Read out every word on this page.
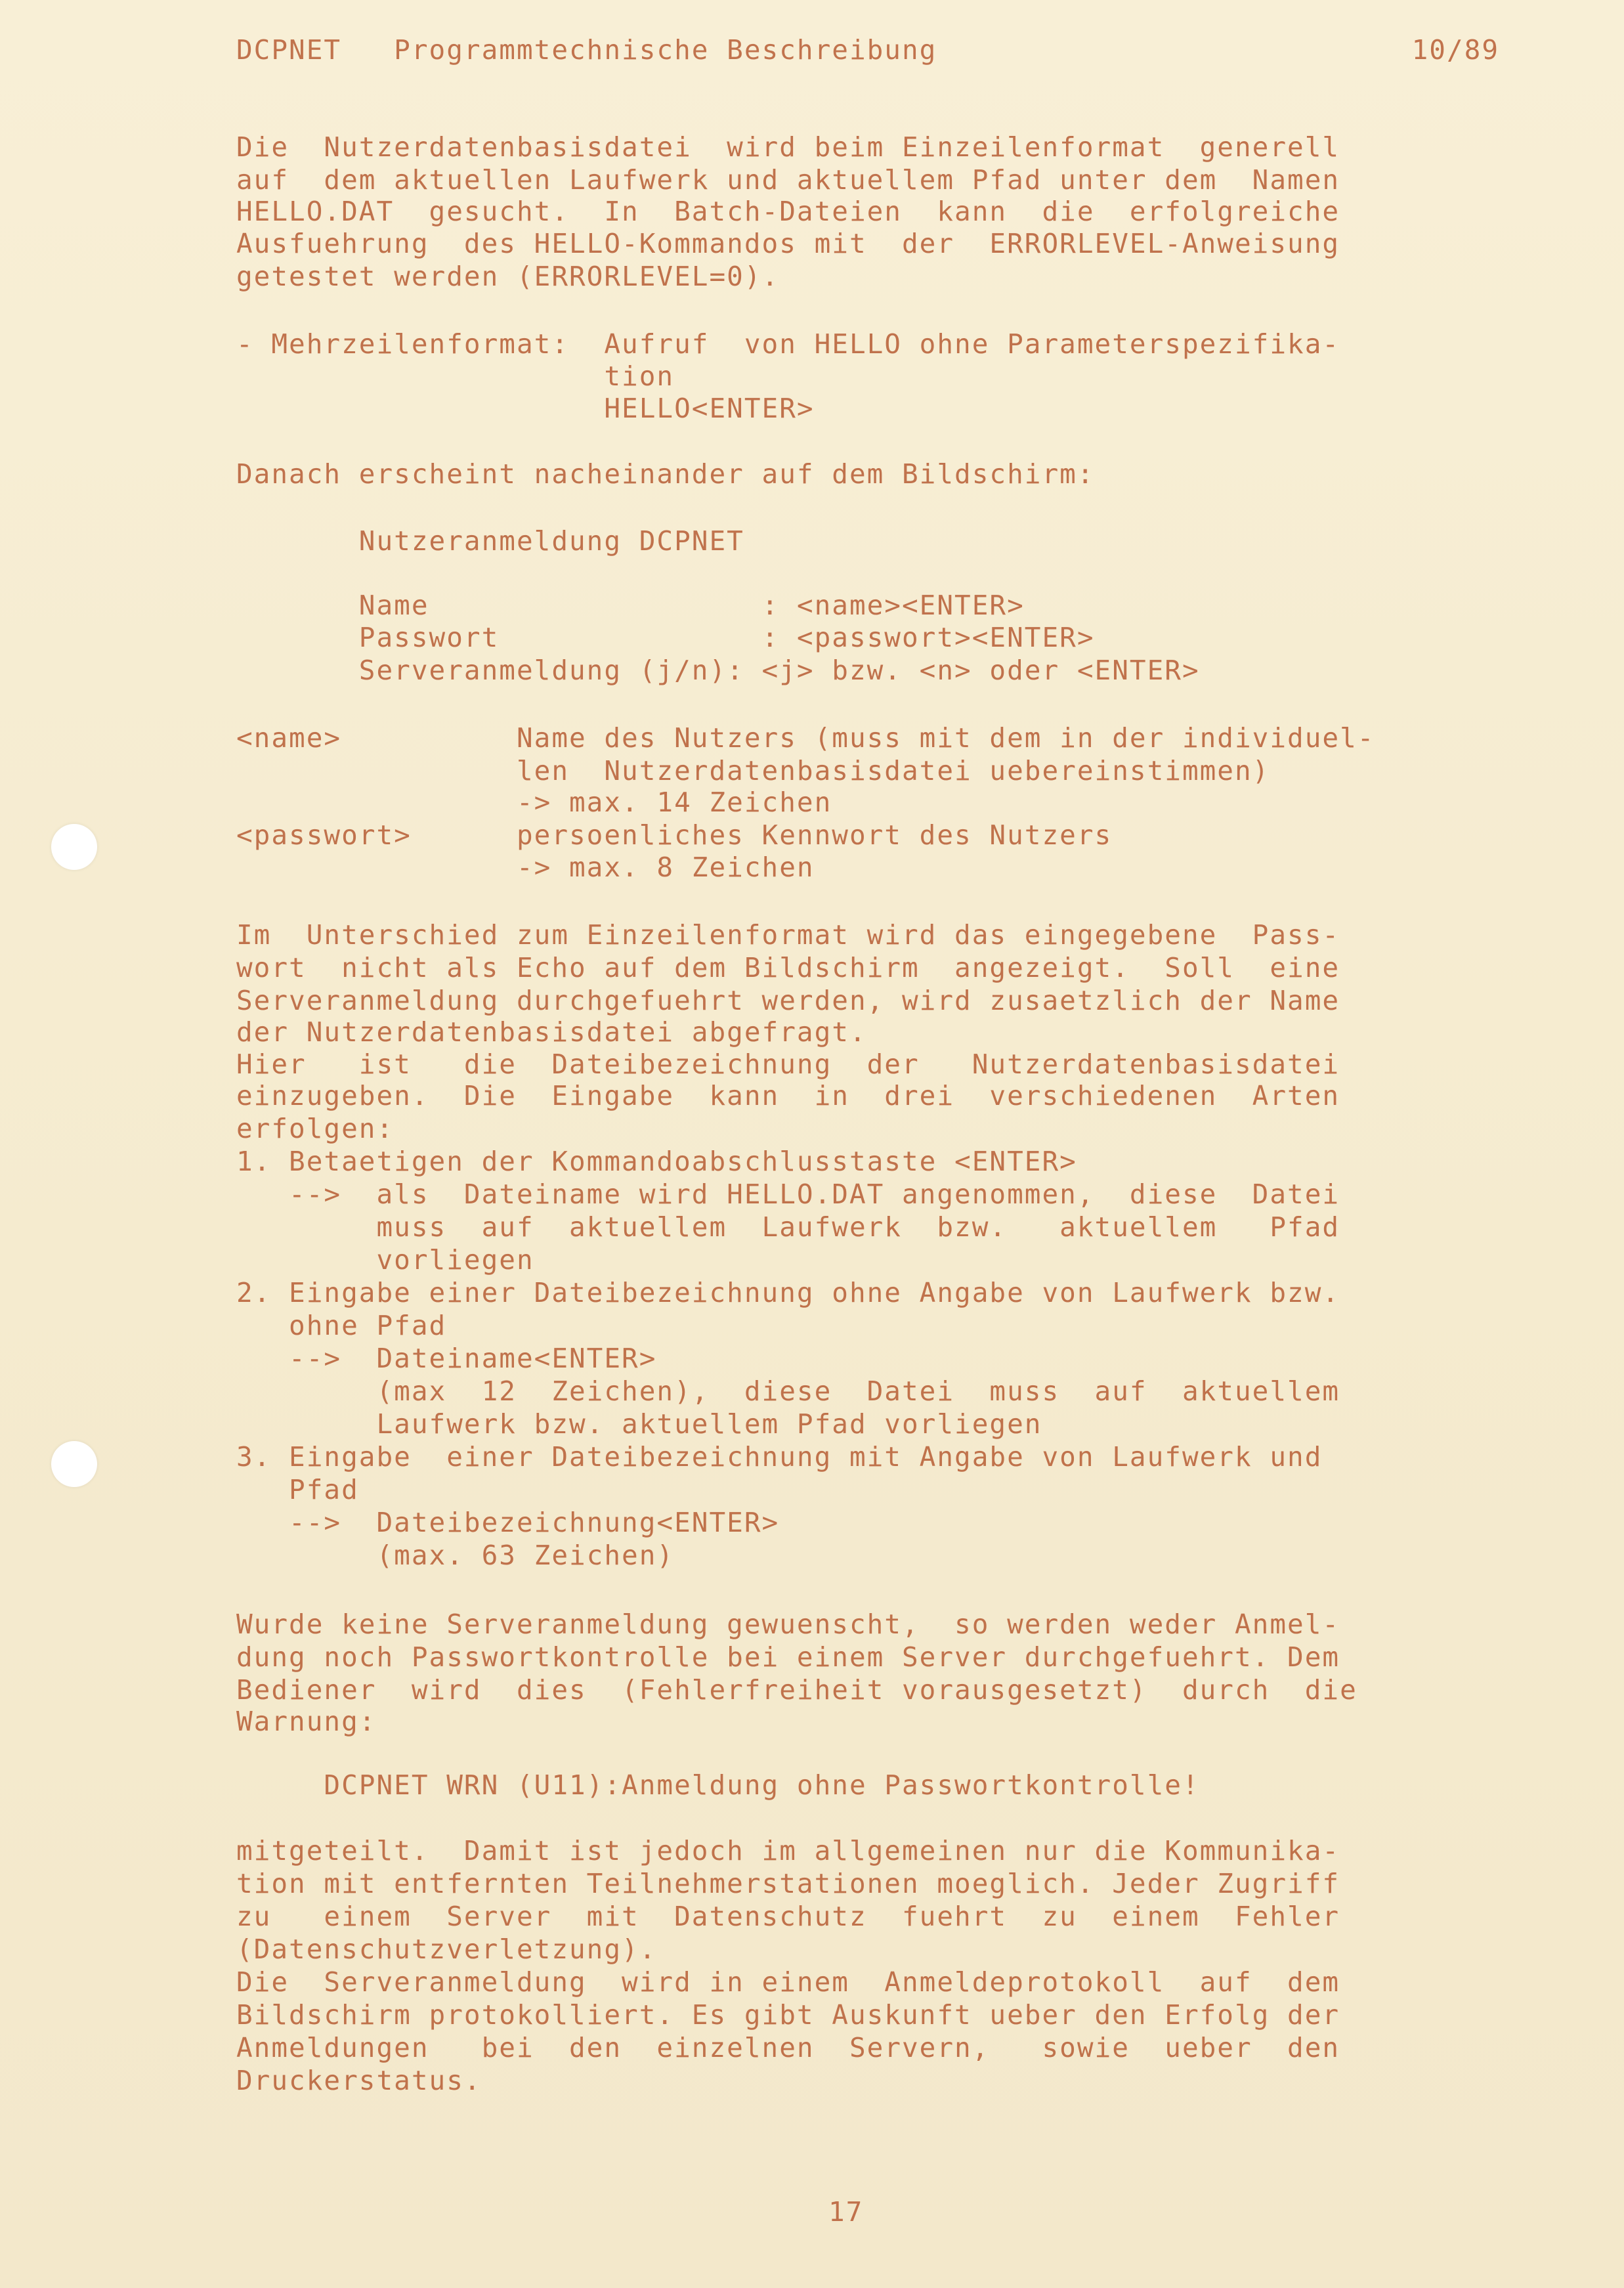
DCPNET   Programmtechnische Beschreibung	10/89
Die  Nutzerdatenbasisdatei  wird beim Einzeilenformat  generell
auf  dem aktuellen Laufwerk und aktuellem Pfad unter dem  Namen
HELLO.DAT  gesucht.  In  Batch-Dateien  kann  die  erfolgreiche
Ausfuehrung  des HELLO-Kommandos mit  der  ERRORLEVEL-Anweisung
getestet werden (ERRORLEVEL=0).
- Mehrzeilenformat:  Aufruf  von HELLO ohne Parameterspezifika-
tion
HELLO<ENTER>
Danach erscheint nacheinander auf dem Bildschirm:
Nutzeranmeldung DCPNET
Name                   : <name><ENTER>
Passwort               : <passwort><ENTER>
Serveranmeldung (j/n): <j> bzw. <n> oder <ENTER>
<name>          Name des Nutzers (muss mit dem in der individuel-
len  Nutzerdatenbasisdatei uebereinstimmen)
-> max. 14 Zeichen
<passwort>      persoenliches Kennwort des Nutzers
-> max. 8 Zeichen
Im  Unterschied zum Einzeilenformat wird das eingegebene  Pass-
wort  nicht als Echo auf dem Bildschirm  angezeigt.  Soll  eine
Serveranmeldung durchgefuehrt werden, wird zusaetzlich der Name
der Nutzerdatenbasisdatei abgefragt.
Hier   ist   die  Dateibezeichnung  der   Nutzerdatenbasisdatei
einzugeben.  Die  Eingabe  kann  in  drei  verschiedenen  Arten
erfolgen:
1. Betaetigen der Kommandoabschlusstaste <ENTER>
-->  als  Dateiname wird HELLO.DAT angenommen,  diese  Datei
muss  auf  aktuellem  Laufwerk  bzw.   aktuellem   Pfad
vorliegen
2. Eingabe einer Dateibezeichnung ohne Angabe von Laufwerk bzw.
ohne Pfad
-->  Dateiname<ENTER>
(max  12  Zeichen),  diese  Datei  muss  auf  aktuellem
Laufwerk bzw. aktuellem Pfad vorliegen
3. Eingabe  einer Dateibezeichnung mit Angabe von Laufwerk und
Pfad
-->  Dateibezeichnung<ENTER>
(max. 63 Zeichen)
Wurde keine Serveranmeldung gewuenscht,  so werden weder Anmel-
dung noch Passwortkontrolle bei einem Server durchgefuehrt. Dem
Bediener  wird  dies  (Fehlerfreiheit vorausgesetzt)  durch  die
Warnung:
DCPNET WRN (U11):Anmeldung ohne Passwortkontrolle!
mitgeteilt.  Damit ist jedoch im allgemeinen nur die Kommunika-
tion mit entfernten Teilnehmerstationen moeglich. Jeder Zugriff
zu   einem  Server  mit  Datenschutz  fuehrt  zu  einem  Fehler
(Datenschutzverletzung).
Die  Serveranmeldung  wird in einem  Anmeldeprotokoll  auf  dem
Bildschirm protokolliert. Es gibt Auskunft ueber den Erfolg der
Anmeldungen   bei  den  einzelnen  Servern,   sowie  ueber  den
Druckerstatus.
17
